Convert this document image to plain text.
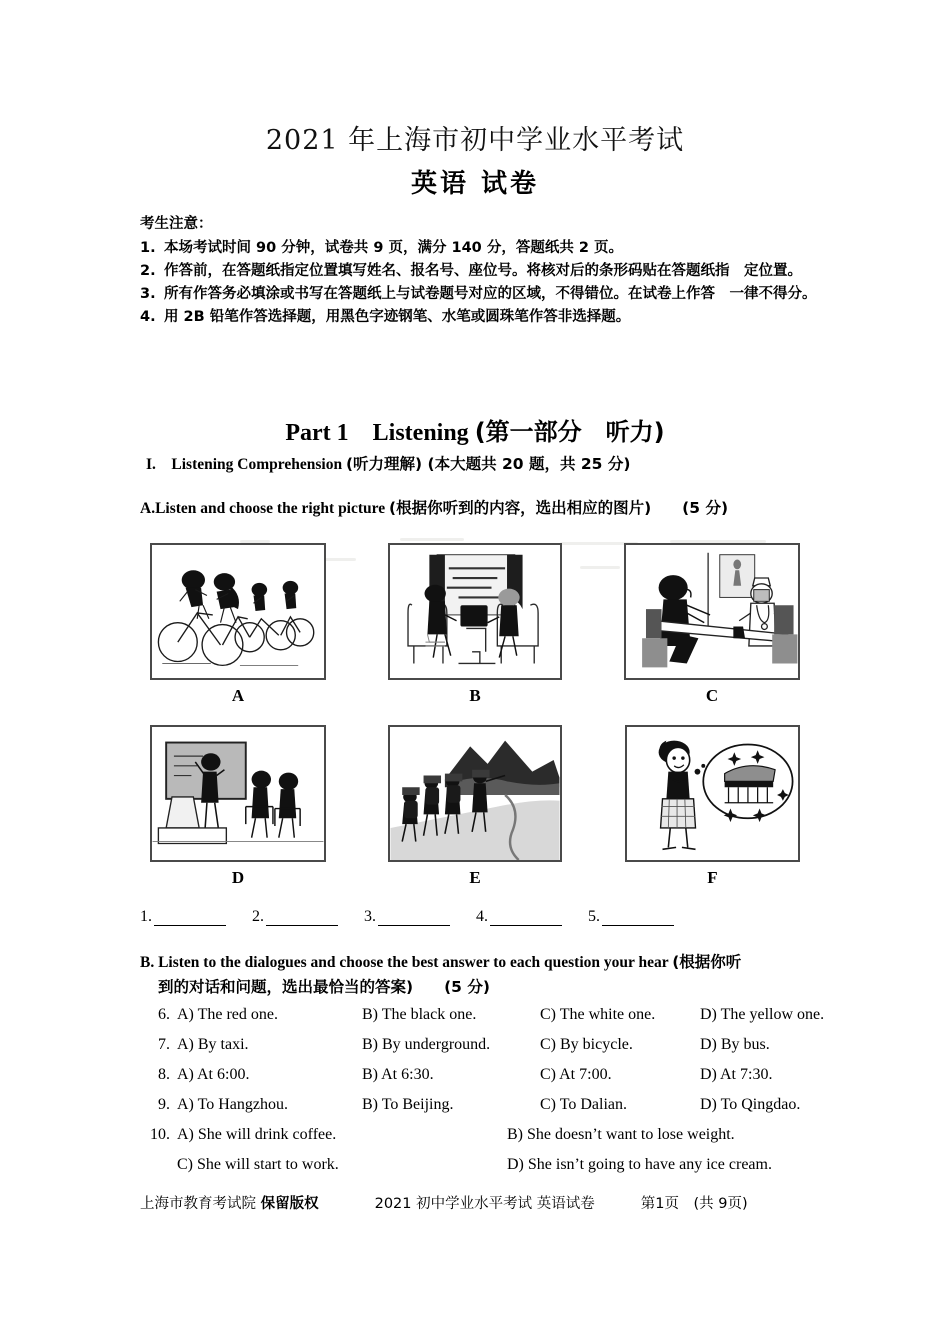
2021 年上海市初中学业水平考试
英语 试卷
考生注意：
1. 本场考试时间 90 分钟，试卷共 9 页，满分 140 分，答题纸共 2 页。
2. 作答前，在答题纸指定位置填写姓名、报名号、座位号。将核对后的条形码贴在答题纸指　定位置。
3. 所有作答务必填涂或书写在答题纸上与试卷题号对应的区域，不得错位。在试卷上作答　一律不得分。
4. 用 2B 铅笔作答选择题，用黑色字迹钢笔、水笔或圆珠笔作答非选择题。
Part 1　Listening (第一部分　听力)
I.　Listening Comprehension (听力理解) (本大题共 20 题，共 25 分)
A.Listen and choose the right picture (根据你听到的内容，选出相应的图片)　　(5 分)
A	B	C
D	E	F
1.	2.	3.	4.	5.
B. Listen to the dialogues and choose the best answer to each question your hear (根据你听
到的对话和问题，选出最恰当的答案)　　(5 分)
6. A) The red one.	B) The black one.	C) The white one.	D) The yellow one.
7. A) By taxi.	B) By underground.	C) By bicycle.	D) By bus.
8. A) At 6:00.	B) At 6:30.	C) At 7:00.	D) At 7:30.
9. A) To Hangzhou.	B) To Beijing.	C) To Dalian.	D) To Qingdao.
10. A) She will drink coffee.	B) She doesn’t want to lose weight.
C) She will start to work.	D) She isn’t going to have any ice cream.
上海市教育考试院 保留版权	2021 初中学业水平考试 英语试卷	第1页　(共 9页)
